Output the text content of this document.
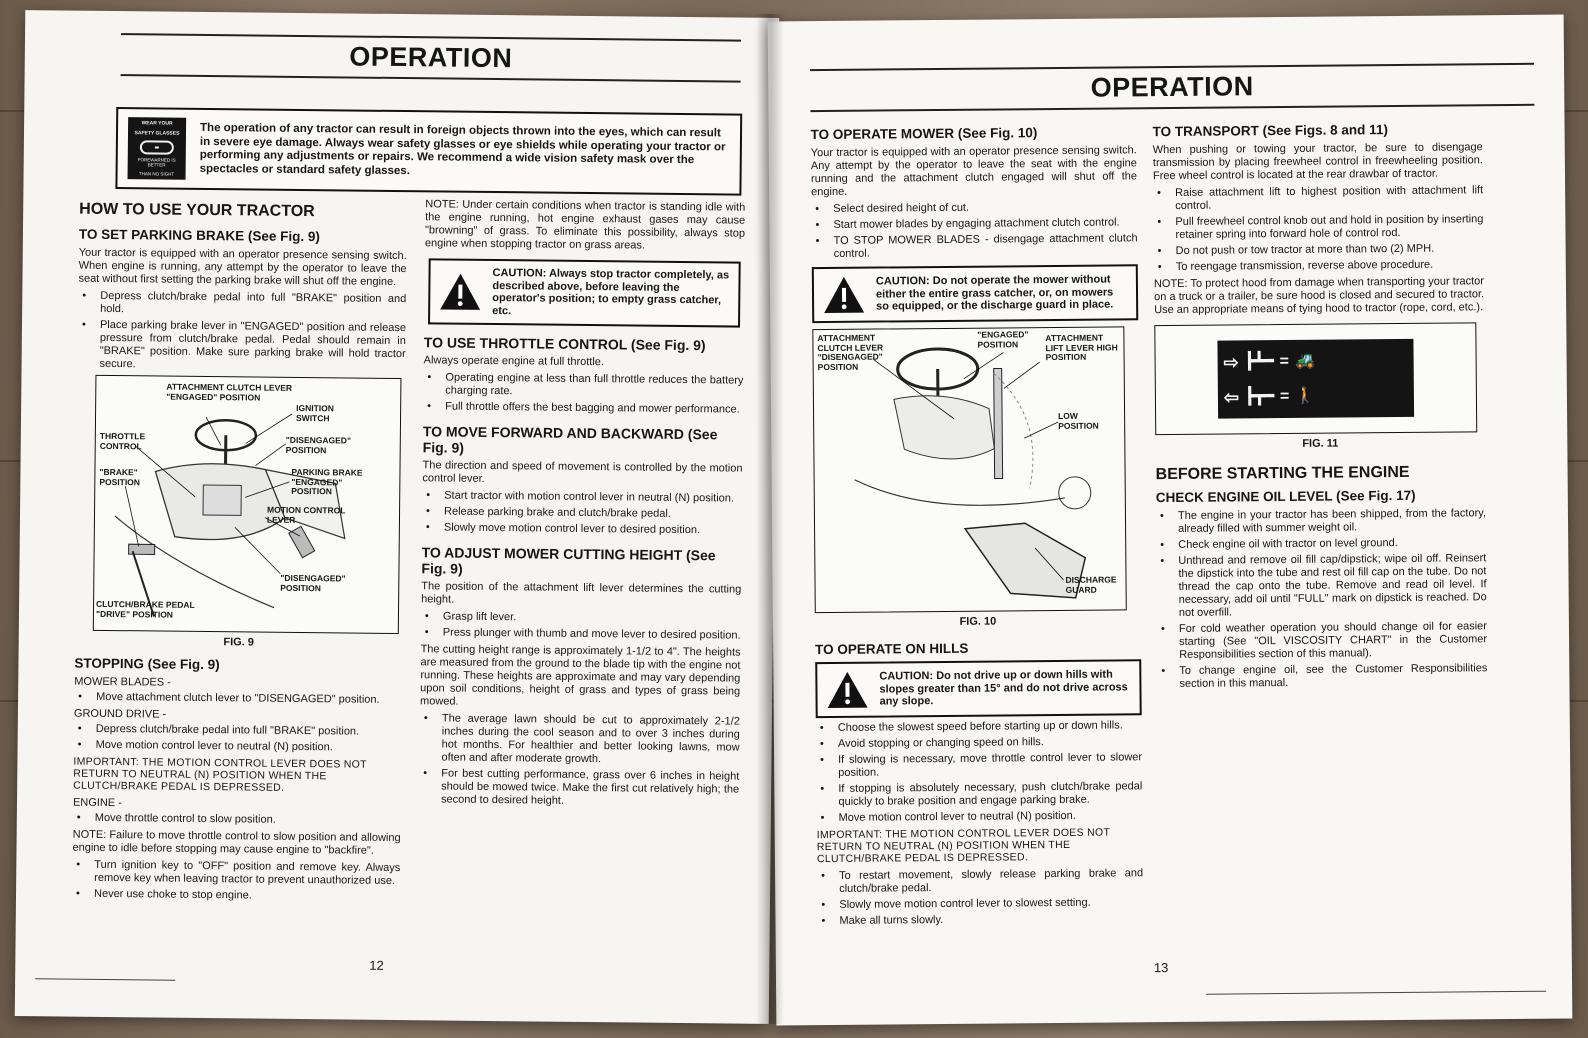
OPERATION
WEAR YOUR
SAFETY GLASSES
FOREWARNED IS BETTER
THAN NO SIGHT
The operation of any tractor can result in foreign objects thrown into the eyes, which can result in severe eye damage. Always wear safety glasses or eye shields while operating your tractor or performing any adjustments or repairs. We recommend a wide vision safety mask over the spectacles or standard safety glasses.
HOW TO USE YOUR TRACTOR
TO SET PARKING BRAKE (See Fig. 9)

Your tractor is equipped with an operator presence sensing switch. When engine is running, any attempt by the operator to leave the seat without first setting the parking brake will shut off the engine.

• Depress clutch/brake pedal into full "BRAKE" position and hold.
• Place parking brake lever in "ENGAGED" position and release pressure from clutch/brake pedal. Pedal should remain in "BRAKE" position. Make sure parking brake will hold tractor secure.
ATTACHMENT CLUTCH LEVER "ENGAGED" POSITION
IGNITION SWITCH
THROTTLE CONTROL
"DISENGAGED" POSITION
"BRAKE" POSITION
PARKING BRAKE "ENGAGED" POSITION
MOTION CONTROL LEVER
"DISENGAGED" POSITION
CLUTCH/BRAKE PEDAL "DRIVE" POSITION
FIG. 9
STOPPING (See Fig. 9)
MOWER BLADES -
• Move attachment clutch lever to "DISENGAGED" position.
GROUND DRIVE -
• Depress clutch/brake pedal into full "BRAKE" position.
• Move motion control lever to neutral (N) position.

IMPORTANT: THE MOTION CONTROL LEVER DOES NOT RETURN TO NEUTRAL (N) POSITION WHEN THE CLUTCH/BRAKE PEDAL IS DEPRESSED.

ENGINE -
• Move throttle control to slow position.

NOTE: Failure to move throttle control to slow position and allowing engine to idle before stopping may cause engine to "backfire".

• Turn ignition key to "OFF" position and remove key. Always remove key when leaving tractor to prevent unauthorized use.
• Never use choke to stop engine.

NOTE: Under certain conditions when tractor is standing idle with the engine running, hot engine exhaust gases may cause "browning" of grass. To eliminate this possibility, always stop engine when stopping tractor on grass areas.

CAUTION: Always stop tractor completely, as described above, before leaving the operator's position; to empty grass catcher, etc.
TO USE THROTTLE CONTROL (See Fig. 9)

Always operate engine at full throttle.

• Operating engine at less than full throttle reduces the battery charging rate.
• Full throttle offers the best bagging and mower performance.
TO MOVE FORWARD AND BACKWARD (See Fig. 9)

The direction and speed of movement is controlled by the motion control lever.

• Start tractor with motion control lever in neutral (N) position.
• Release parking brake and clutch/brake pedal.
• Slowly move motion control lever to desired position.
TO ADJUST MOWER CUTTING HEIGHT (See Fig. 9)

The position of the attachment lift lever determines the cutting height.

• Grasp lift lever.
• Press plunger with thumb and move lever to desired position.

The cutting height range is approximately 1-1/2 to 4". The heights are measured from the ground to the blade tip with the engine not running. These heights are approximate and may vary depending upon soil conditions, height of grass and types of grass being mowed.

• The average lawn should be cut to approximately 2-1/2 inches during the cool season and to over 3 inches during hot months. For healthier and better looking lawns, mow often and after moderate growth.
• For best cutting performance, grass over 6 inches in height should be mowed twice. Make the first cut relatively high; the second to desired height.
12
OPERATION
TO OPERATE MOWER (See Fig. 10)

Your tractor is equipped with an operator presence sensing switch. Any attempt by the operator to leave the seat with the engine running and the attachment clutch engaged will shut off the engine.

• Select desired height of cut.
• Start mower blades by engaging attachment clutch control.
• TO STOP MOWER BLADES - disengage attachment clutch control.
CAUTION: Do not operate the mower without either the entire grass catcher, or, on mowers so equipped, or the discharge guard in place.
ATTACHMENT CLUTCH LEVER "DISENGAGED" POSITION
"ENGAGED" POSITION
ATTACHMENT LIFT LEVER HIGH POSITION
LOW POSITION
DISCHARGE GUARD
FIG. 10
TO OPERATE ON HILLS
CAUTION: Do not drive up or down hills with slopes greater than 15° and do not drive across any slope.
• Choose the slowest speed before starting up or down hills.
• Avoid stopping or changing speed on hills.
• If slowing is necessary, move throttle control lever to slower position.
• If stopping is absolutely necessary, push clutch/brake pedal quickly to brake position and engage parking brake.
• Move motion control lever to neutral (N) position.

IMPORTANT: THE MOTION CONTROL LEVER DOES NOT RETURN TO NEUTRAL (N) POSITION WHEN THE CLUTCH/BRAKE PEDAL IS DEPRESSED.

• To restart movement, slowly release parking brake and clutch/brake pedal.
• Slowly move motion control lever to slowest setting.
• Make all turns slowly.
TO TRANSPORT (See Figs. 8 and 11)

When pushing or towing your tractor, be sure to disengage transmission by placing freewheel control in freewheeling position. Free wheel control is located at the rear drawbar of tractor.

• Raise attachment lift to highest position with attachment lift control.
• Pull freewheel control knob out and hold in position by inserting retainer spring into forward hole of control rod.
• Do not push or tow tractor at more than two (2) MPH.
• To reengage transmission, reverse above procedure.

NOTE: To protect hood from damage when transporting your tractor on a truck or a trailer, be sure hood is closed and secured to tractor. Use an appropriate means of tying hood to tractor (rope, cord, etc.).

⇨ ┣┻━ = 🚜
⇦ ┣┳━ = 🚶
FIG. 11
BEFORE STARTING THE ENGINE
CHECK ENGINE OIL LEVEL (See Fig. 17)
• The engine in your tractor has been shipped, from the factory, already filled with summer weight oil.
• Check engine oil with tractor on level ground.
• Unthread and remove oil fill cap/dipstick; wipe oil off. Reinsert the dipstick into the tube and rest oil fill cap on the tube. Do not thread the cap onto the tube. Remove and read oil level. If necessary, add oil until "FULL" mark on dipstick is reached. Do not overfill.
• For cold weather operation you should change oil for easier starting (See "OIL VISCOSITY CHART" in the Customer Responsibilities section of this manual).
• To change engine oil, see the Customer Responsibilities section in this manual.
13
